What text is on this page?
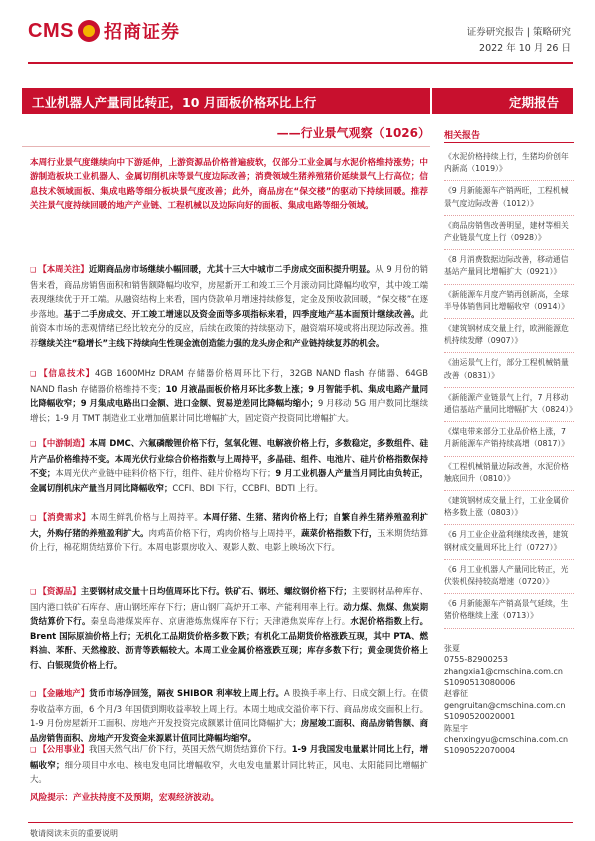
CMS 招商证券	证券研究报告 | 策略研究
2022 年 10 月 26 日
工业机器人产量同比转正，10 月面板价格环比上行	定期报告
——行业景气观察（1026）
本周行业景气度继续向中下游延伸，上游资源品价格普遍疲软，仅部分工业金属与水泥价格维持涨势；中游制造板块工业机器人、金属切削机床等景气度边际改善；消费领域生猪养殖猪价延续景气上行高位；信息技术领域面板、集成电路等细分板块景气度改善；此外，商品房在“保交楼”的驱动下持续回暖。推荐关注景气度持续回暖的地产产业链、工程机械以及边际向好的面板、集成电路等细分领域。
❑ 【本周关注】近期商品房市场继续小幅回暖，尤其十三大中城市二手房成交面积提升明显。从 9 月份的销售来看，商品房销售面积和销售额降幅均收窄，房屋新开工和竣工三个月滚动同比降幅均收窄，其中竣工端表现继续优于开工端。从融资结构上来看，国内贷款单月增速持续修复，定金及预收款回暖，“保交楼”在逐步落地。基于二手房成交、开工竣工增速以及资金面等多项指标来看，四季度地产基本面预计继续改善。此前资本市场的悲观情绪已经比较充分的反应，后续在政策的持续驱动下，融资端环境或将出现边际改善。推荐继续关注“稳增长”主线下持续向生性现金流创造能力强的龙头房企和产业链持续复苏的机会。
❑ 【信息技术】4GB 1600MHz DRAM 存储器价格周环比下行，32GB NAND flash 存储器、64GB NAND flash 存储器价格维持不变；10 月液晶面板价格月环比多数上涨；9 月智能手机、集成电路产量同比降幅收窄；9 月集成电路出口金额、进口金额、贸易逆差同比降幅均缩小；9 月移动 5G 用户数同比继续增长；1-9 月 TMT 制造业工业增加值累计同比增幅扩大，固定资产投资同比增幅扩大。
❑ 【中游制造】本周 DMC、六氟磷酸锂价格下行，氢氧化锂、电解液价格上行，多数稳定，多数组件、硅片产品价格维持不变。本周光伏行业综合价格指数与上周持平，多晶硅、组件、电池片、硅片价格指数保持不变；本周光伏产业链中硅料价格下行，组件、硅片价格均下行；9 月工业机器人产量当月同比由负转正，金属切削机床产量当月同比降幅收窄；CCFI、BDI 下行，CCBFI、BDTI 上行。
❑ 【消费需求】本周生鲜乳价格与上周持平。本周仔猪、生猪、猪肉价格上行；自繁自养生猪养殖盈利扩大，外购仔猪的养殖盈利扩大。肉鸡苗价格下行，鸡肉价格与上周持平，蔬菜价格指数下行，玉米期货结算价上行，棉花期货结算价下行。本周电影票房收入、观影人数、电影上映场次下行。
❑ 【资源品】主要钢材成交量十日均值周环比下行。铁矿石、钢坯、螺纹钢价格下行；主要钢材品种库存、国内港口铁矿石库存、唐山钢坯库存下行；唐山钢厂高炉开工率、产能利用率上行。动力煤、焦煤、焦炭期货结算价下行。秦皇岛港煤炭库存、京唐港炼焦煤库存下行；天津港焦炭库存上行。水泥价格指数上行。Brent 国际原油价格上行；无机化工品期货价格多数下跌；有机化工品期货价格涨跌互现，其中 PTA、燃料油、苯酐、天然橡胶、沥青等跌幅较大。本周工业金属价格涨跌互现；库存多数下行；黄金现货价格上行、白银现货价格上行。
❑ 【金融地产】货币市场净回笼，隔夜 SHIBOR 利率较上周上行。A 股换手率上行、日成交额上行。在债券收益率方面，6 个月/3 年国债到期收益率较上周上行。本周土地成交溢价率下行、商品房成交面积上行。1-9 月份房屋新开工面积、房地产开发投资完成额累计值同比降幅扩大；房屋竣工面积、商品房销售额、商品房销售面积、房地产开发资金来源累计值同比降幅均缩窄。
❑ 【公用事业】我国天然气出厂价下行，英国天然气期货结算价下行。1-9 月我国发电量累计同比上行，增幅收窄；细分项目中水电、核电发电同比增幅收窄，火电发电量累计同比转正，风电、太阳能同比增幅扩大。
风险提示：产业扶持度不及预期，宏观经济波动。
敬请阅读末页的重要说明
相关报告
《水泥价格持续上行，生猪均价创年内新高（1019）》
《9 月新能源车产销两旺，工程机械景气度边际改善（1012）》
《商品房销售改善明显，建材等相关产业链景气度上行（0928）》
《8 月消费数据边际改善，移动通信基站产量同比增幅扩大（0921）》
《新能源车月度产销再创新高，全球半导体销售同比增幅收窄（0914）》
《建筑钢材成交量上行，欧洲能源危机持续发酵（0907）》
《油运景气上行，部分工程机械销量改善（0831）》
《新能源产业链景气上行，7 月移动通信基站产量同比增幅扩大（0824）》
《煤电带来部分工业品价格上涨，7 月新能源车产销持续高增（0817）》
《工程机械销量边际改善，水泥价格触底回升（0810）》
《建筑钢材成交量上行，工业金属价格多数上涨（0803）》
《6 月工业企业盈利继续改善，建筑钢材成交量周环比上行（0727）》
《6 月工业机器人产量同比转正，光伏装机保持较高增速（0720）》
《6 月新能源车产销高景气延续，生猪价格继续上涨（0713）》
张夏
0755-82900253
zhangxia1@cmschina.com.cn
S1090513080006
赵睿征
gengruitan@cmschina.com.cn
S1090520020001
陈星宇
chenxingyu@cmschina.com.cn
S1090522070004
